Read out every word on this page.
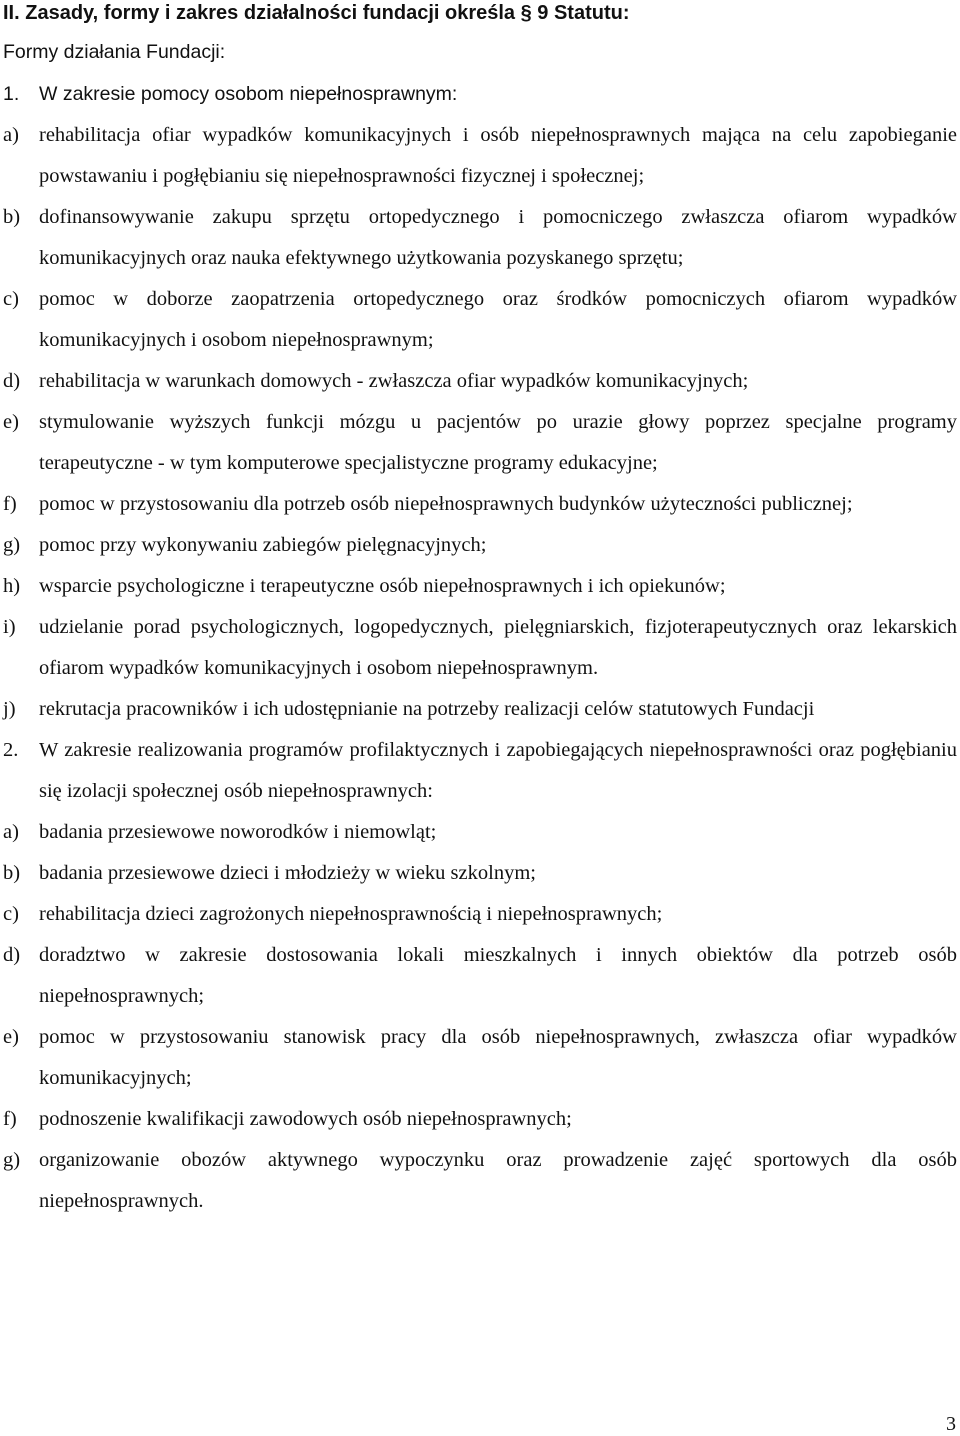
II. Zasady, formy i zakres działalności fundacji określa § 9 Statutu:
Formy działania Fundacji:
1. W zakresie pomocy osobom niepełnosprawnym:
a) rehabilitacja ofiar wypadków komunikacyjnych i osób niepełnosprawnych mająca na celu zapobieganie powstawaniu i pogłębianiu się niepełnosprawności fizycznej i społecznej;
b) dofinansowywanie zakupu sprzętu ortopedycznego i pomocniczego zwłaszcza ofiarom wypadków komunikacyjnych oraz nauka efektywnego użytkowania pozyskanego sprzętu;
c) pomoc w doborze zaopatrzenia ortopedycznego oraz środków pomocniczych ofiarom wypadków komunikacyjnych i osobom niepełnosprawnym;
d) rehabilitacja w warunkach domowych - zwłaszcza ofiar wypadków komunikacyjnych;
e) stymulowanie wyższych funkcji mózgu u pacjentów po urazie głowy poprzez specjalne programy terapeutyczne - w tym komputerowe specjalistyczne programy edukacyjne;
f) pomoc w przystosowaniu dla potrzeb osób niepełnosprawnych budynków użyteczności publicznej;
g) pomoc przy wykonywaniu zabiegów pielęgnacyjnych;
h) wsparcie psychologiczne i terapeutyczne osób niepełnosprawnych i ich opiekunów;
i) udzielanie porad psychologicznych, logopedycznych, pielęgniarskich, fizjoterapeutycznych oraz lekarskich ofiarom wypadków komunikacyjnych i osobom niepełnosprawnym.
j) rekrutacja pracowników i ich udostępnianie na potrzeby realizacji celów statutowych Fundacji
2. W zakresie realizowania programów profilaktycznych i zapobiegających niepełnosprawności oraz pogłębianiu się izolacji społecznej osób niepełnosprawnych:
a) badania przesiewowe noworodków i niemowląt;
b) badania przesiewowe dzieci i młodzieży w wieku szkolnym;
c) rehabilitacja dzieci zagrożonych niepełnosprawnością i niepełnosprawnych;
d) doradztwo w zakresie dostosowania lokali mieszkalnych i innych obiektów dla potrzeb osób niepełnosprawnych;
e) pomoc w przystosowaniu stanowisk pracy dla osób niepełnosprawnych, zwłaszcza ofiar wypadków komunikacyjnych;
f) podnoszenie kwalifikacji zawodowych osób niepełnosprawnych;
g) organizowanie obozów aktywnego wypoczynku oraz prowadzenie zajęć sportowych dla osób niepełnosprawnych.
3
